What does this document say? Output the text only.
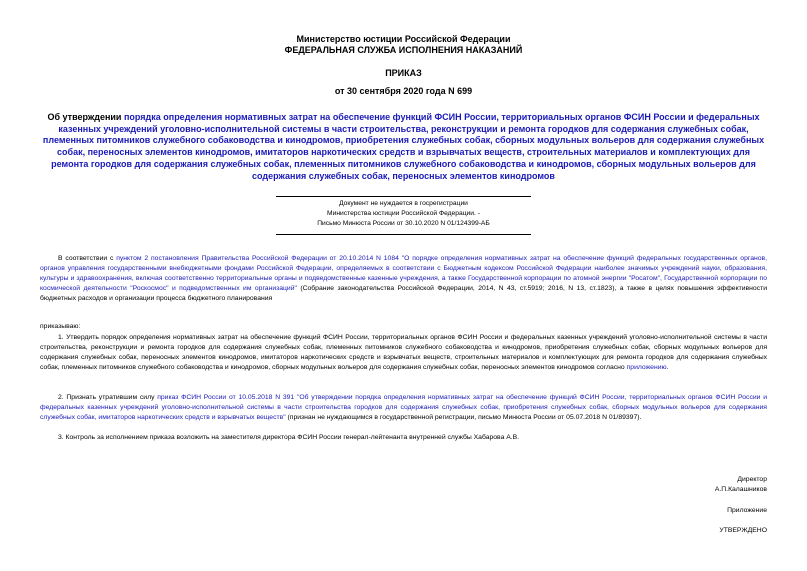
Министерство юстиции Российской Федерации
ФЕДЕРАЛЬНАЯ СЛУЖБА ИСПОЛНЕНИЯ НАКАЗАНИЙ
ПРИКАЗ
от 30 сентября 2020 года N 699
Об утверждении порядка определения нормативных затрат на обеспечение функций ФСИН России, территориальных органов ФСИН России и федеральных казенных учреждений уголовно-исполнительной системы в части строительства, реконструкции и ремонта городков для содержания служебных собак, племенных питомников служебного собаководства и кинодромов, приобретения служебных собак, сборных модульных вольеров для содержания служебных собак, переносных элементов кинодромов, имитаторов наркотических средств и взрывчатых веществ, строительных материалов и комплектующих для ремонта городков для содержания служебных собак, племенных питомников служебного собаководства и кинодромов, сборных модульных вольеров для содержания служебных собак, переносных элементов кинодромов
Документ не нуждается в госрегистрации
Министерства юстиции Российской Федерации. -
Письмо Минюста России от 30.10.2020 N 01/124399-АБ
В соответствии с пунктом 2 постановления Правительства Российской Федерации от 20.10.2014 N 1084 "О порядке определения нормативных затрат на обеспечение функций федеральных государственных органов, органов управления государственными внебюджетными фондами Российской Федерации, определяемых в соответствии с Бюджетным кодексом Российской Федерации наиболее значимых учреждений науки, образования, культуры и здравоохранения, включая соответственно территориальные органы и подведомственные казенные учреждения, а также Государственной корпорации по атомной энергии "Росатом", Государственной корпорации по космической деятельности "Роскосмос" и подведомственных им организаций" (Собрание законодательства Российской Федерации, 2014, N 43, ст.5919; 2016, N 13, ст.1823), а также в целях повышения эффективности бюджетных расходов и организации процесса бюджетного планирования
приказываю:
1. Утвердить порядок определения нормативных затрат на обеспечение функций ФСИН России, территориальных органов ФСИН России и федеральных казенных учреждений уголовно-исполнительной системы в части строительства, реконструкции и ремонта городков для содержания служебных собак, племенных питомников служебного собаководства и кинодромов, приобретения служебных собак, сборных модульных вольеров для содержания служебных собак, переносных элементов кинодромов, имитаторов наркотических средств и взрывчатых веществ, строительных материалов и комплектующих для ремонта городков для содержания служебных собак, племенных питомников служебного собаководства и кинодромов, сборных модульных вольеров для содержания служебных собак, переносных элементов кинодромов согласно приложению.
2. Признать утратившим силу приказ ФСИН России от 10.05.2018 N 391 "Об утверждении порядка определения нормативных затрат на обеспечение функций ФСИН России, территориальных органов ФСИН России и федеральных казенных учреждений уголовно-исполнительной системы в части строительства городков для содержания служебных собак, приобретения служебных собак, сборных модульных вольеров для содержания служебных собак, имитаторов наркотических средств и взрывчатых веществ" (признан не нуждающимся в государственной регистрации, письмо Минюста России от 05.07.2018 N 01/89397).
3. Контроль за исполнением приказа возложить на заместителя директора ФСИН России генерал-лейтенанта внутренней службы Хабарова А.В.
Директор
А.П.Калашников
Приложение
УТВЕРЖДЕНО
